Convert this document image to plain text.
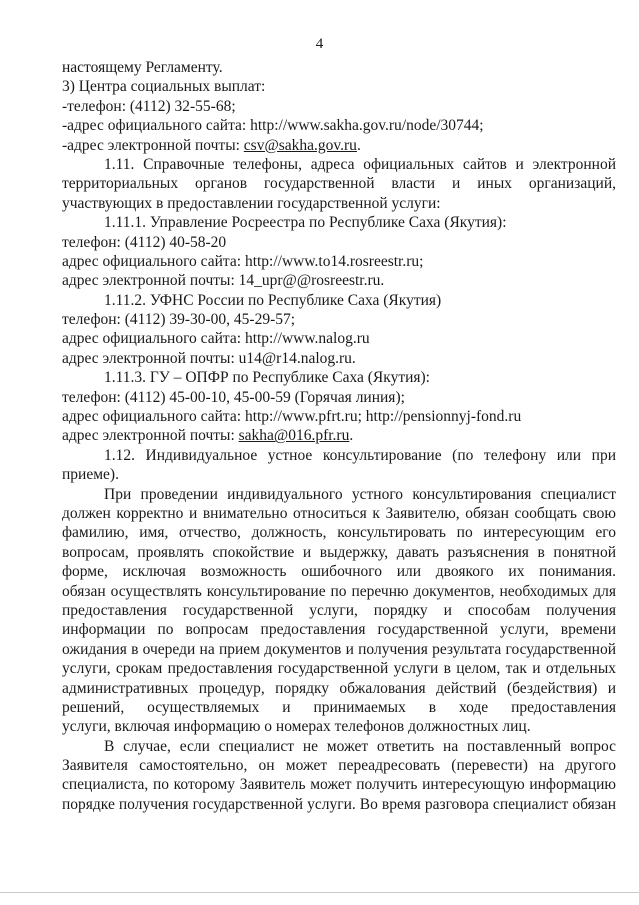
4
настоящему Регламенту.
3) Центра социальных выплат:
-телефон: (4112) 32-55-68;
-адрес официального сайта: http://www.sakha.gov.ru/node/30744;
-адрес электронной почты: csv@sakha.gov.ru.
1.11. Справочные телефоны, адреса официальных сайтов и электронной
территориальных органов государственной власти и иных организаций,
участвующих в предоставлении государственной услуги:
1.11.1. Управление Росреестра по Республике Саха (Якутия):
телефон: (4112) 40-58-20
адрес официального сайта: http://www.to14.rosreestr.ru;
адрес электронной почты: 14_upr@@rosreestr.ru.
1.11.2. УФНС России по Республике Саха (Якутия)
телефон: (4112) 39-30-00, 45-29-57;
адрес официального сайта: http://www.nalog.ru
адрес электронной почты: u14@r14.nalog.ru.
1.11.3. ГУ – ОПФР по Республике Саха (Якутия):
телефон: (4112) 45-00-10, 45-00-59 (Горячая линия);
адрес официального сайта: http://www.pfrt.ru; http://pensionnyj-fond.ru
адрес электронной почты: sakha@016.pfr.ru.
1.12. Индивидуальное устное консультирование (по телефону или при
приеме).
При проведении индивидуального устного консультирования специалист
должен корректно и внимательно относиться к Заявителю, обязан сообщать свою
фамилию, имя, отчество, должность, консультировать по интересующим его
вопросам, проявлять спокойствие и выдержку, давать разъяснения в понятной
форме, исключая возможность ошибочного или двоякого их понимания.
обязан осуществлять консультирование по перечню документов, необходимых для
предоставления государственной услуги, порядку и способам получения
информации по вопросам предоставления государственной услуги, времени
ожидания в очереди на прием документов и получения результата государственной
услуги, срокам предоставления государственной услуги в целом, так и отдельных
административных процедур, порядку обжалования действий (бездействия) и
решений, осуществляемых и принимаемых в ходе предоставления
услуги, включая информацию о номерах телефонов должностных лиц.
В случае, если специалист не может ответить на поставленный вопрос
Заявителя самостоятельно, он может переадресовать (перевести) на другого
специалиста, по которому Заявитель может получить интересующую информацию
порядке получения государственной услуги. Во время разговора специалист обязан
